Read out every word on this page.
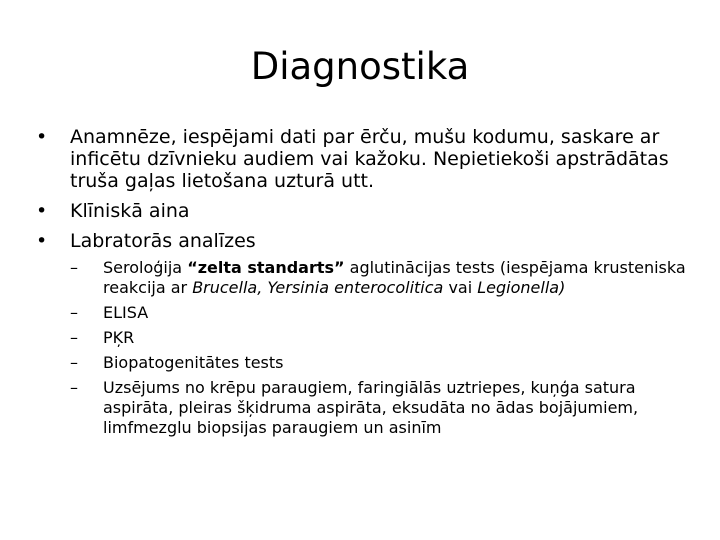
Diagnostika
•	Anamnēze, iespējami dati par ērču, mušu kodumu, saskare ar inficētu dzīvnieku audiem vai kažoku. Nepietiekoši apstrādātas truša gaļas lietošana uzturā utt.
•	Klīniskā aina
•	Labratorās analīzes
–	Seroloģija “zelta standarts” aglutinācijas tests (iespējama krusteniska reakcija ar Brucella, Yersinia enterocolitica vai Legionella)
–	ELISA
–	PĶR
–	Biopatogenitātes tests
–	Uzsējums no krēpu paraugiem, faringiālās uztriepes, kuņģa satura aspirāta, pleiras šķidruma aspirāta, eksudāta no ādas bojājumiem, limfmezglu biopsijas paraugiem un asinīm
